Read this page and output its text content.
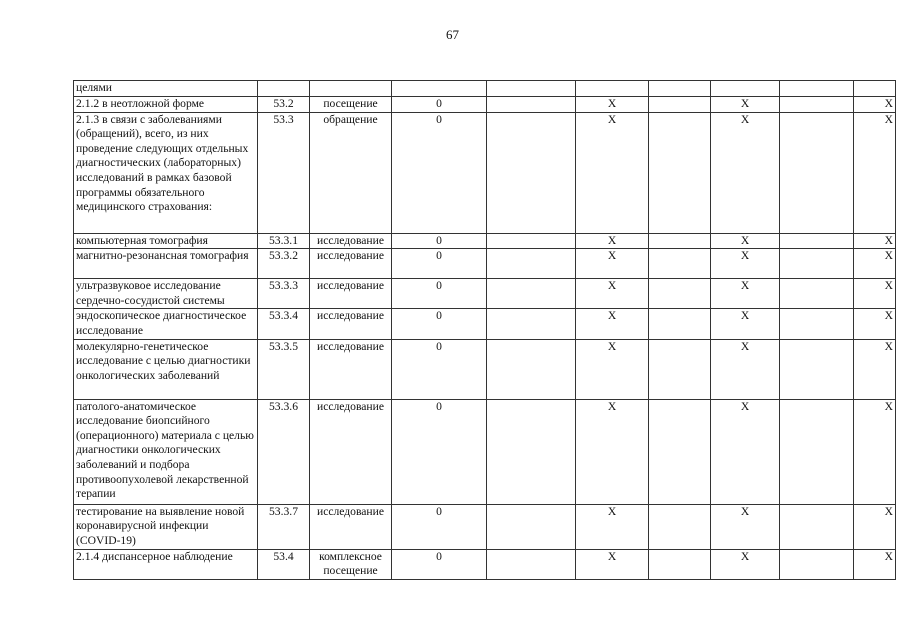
67
целями									
2.1.2 в неотложной форме	53.2	посещение	0		X		X		X
2.1.3 в связи с заболеваниями (обращений), всего, из них проведение следующих отдельных диагностических (лабораторных) исследований в рамках базовой программы обязательного медицинского страхования:	53.3	обращение	0		X		X		X
компьютерная томография	53.3.1	исследование	0		X		X		X
магнитно-резонансная томография	53.3.2	исследование	0		X		X		X
ультразвуковое исследование сердечно-сосудистой системы	53.3.3	исследование	0		X		X		X
эндоскопическое диагностическое исследование	53.3.4	исследование	0		X		X		X
молекулярно-генетическое исследование с целью диагностики онкологических заболеваний	53.3.5	исследование	0		X		X		X
патолого-анатомическое исследование биопсийного (операционного) материала с целью диагностики онкологических заболеваний и подбора противоопухолевой лекарственной терапии	53.3.6	исследование	0		X		X		X
тестирование на выявление новой коронавирусной инфекции (COVID-19)	53.3.7	исследование	0		X		X		X
2.1.4 диспансерное наблюдение	53.4	комплексное посещение	0		X		X		X
